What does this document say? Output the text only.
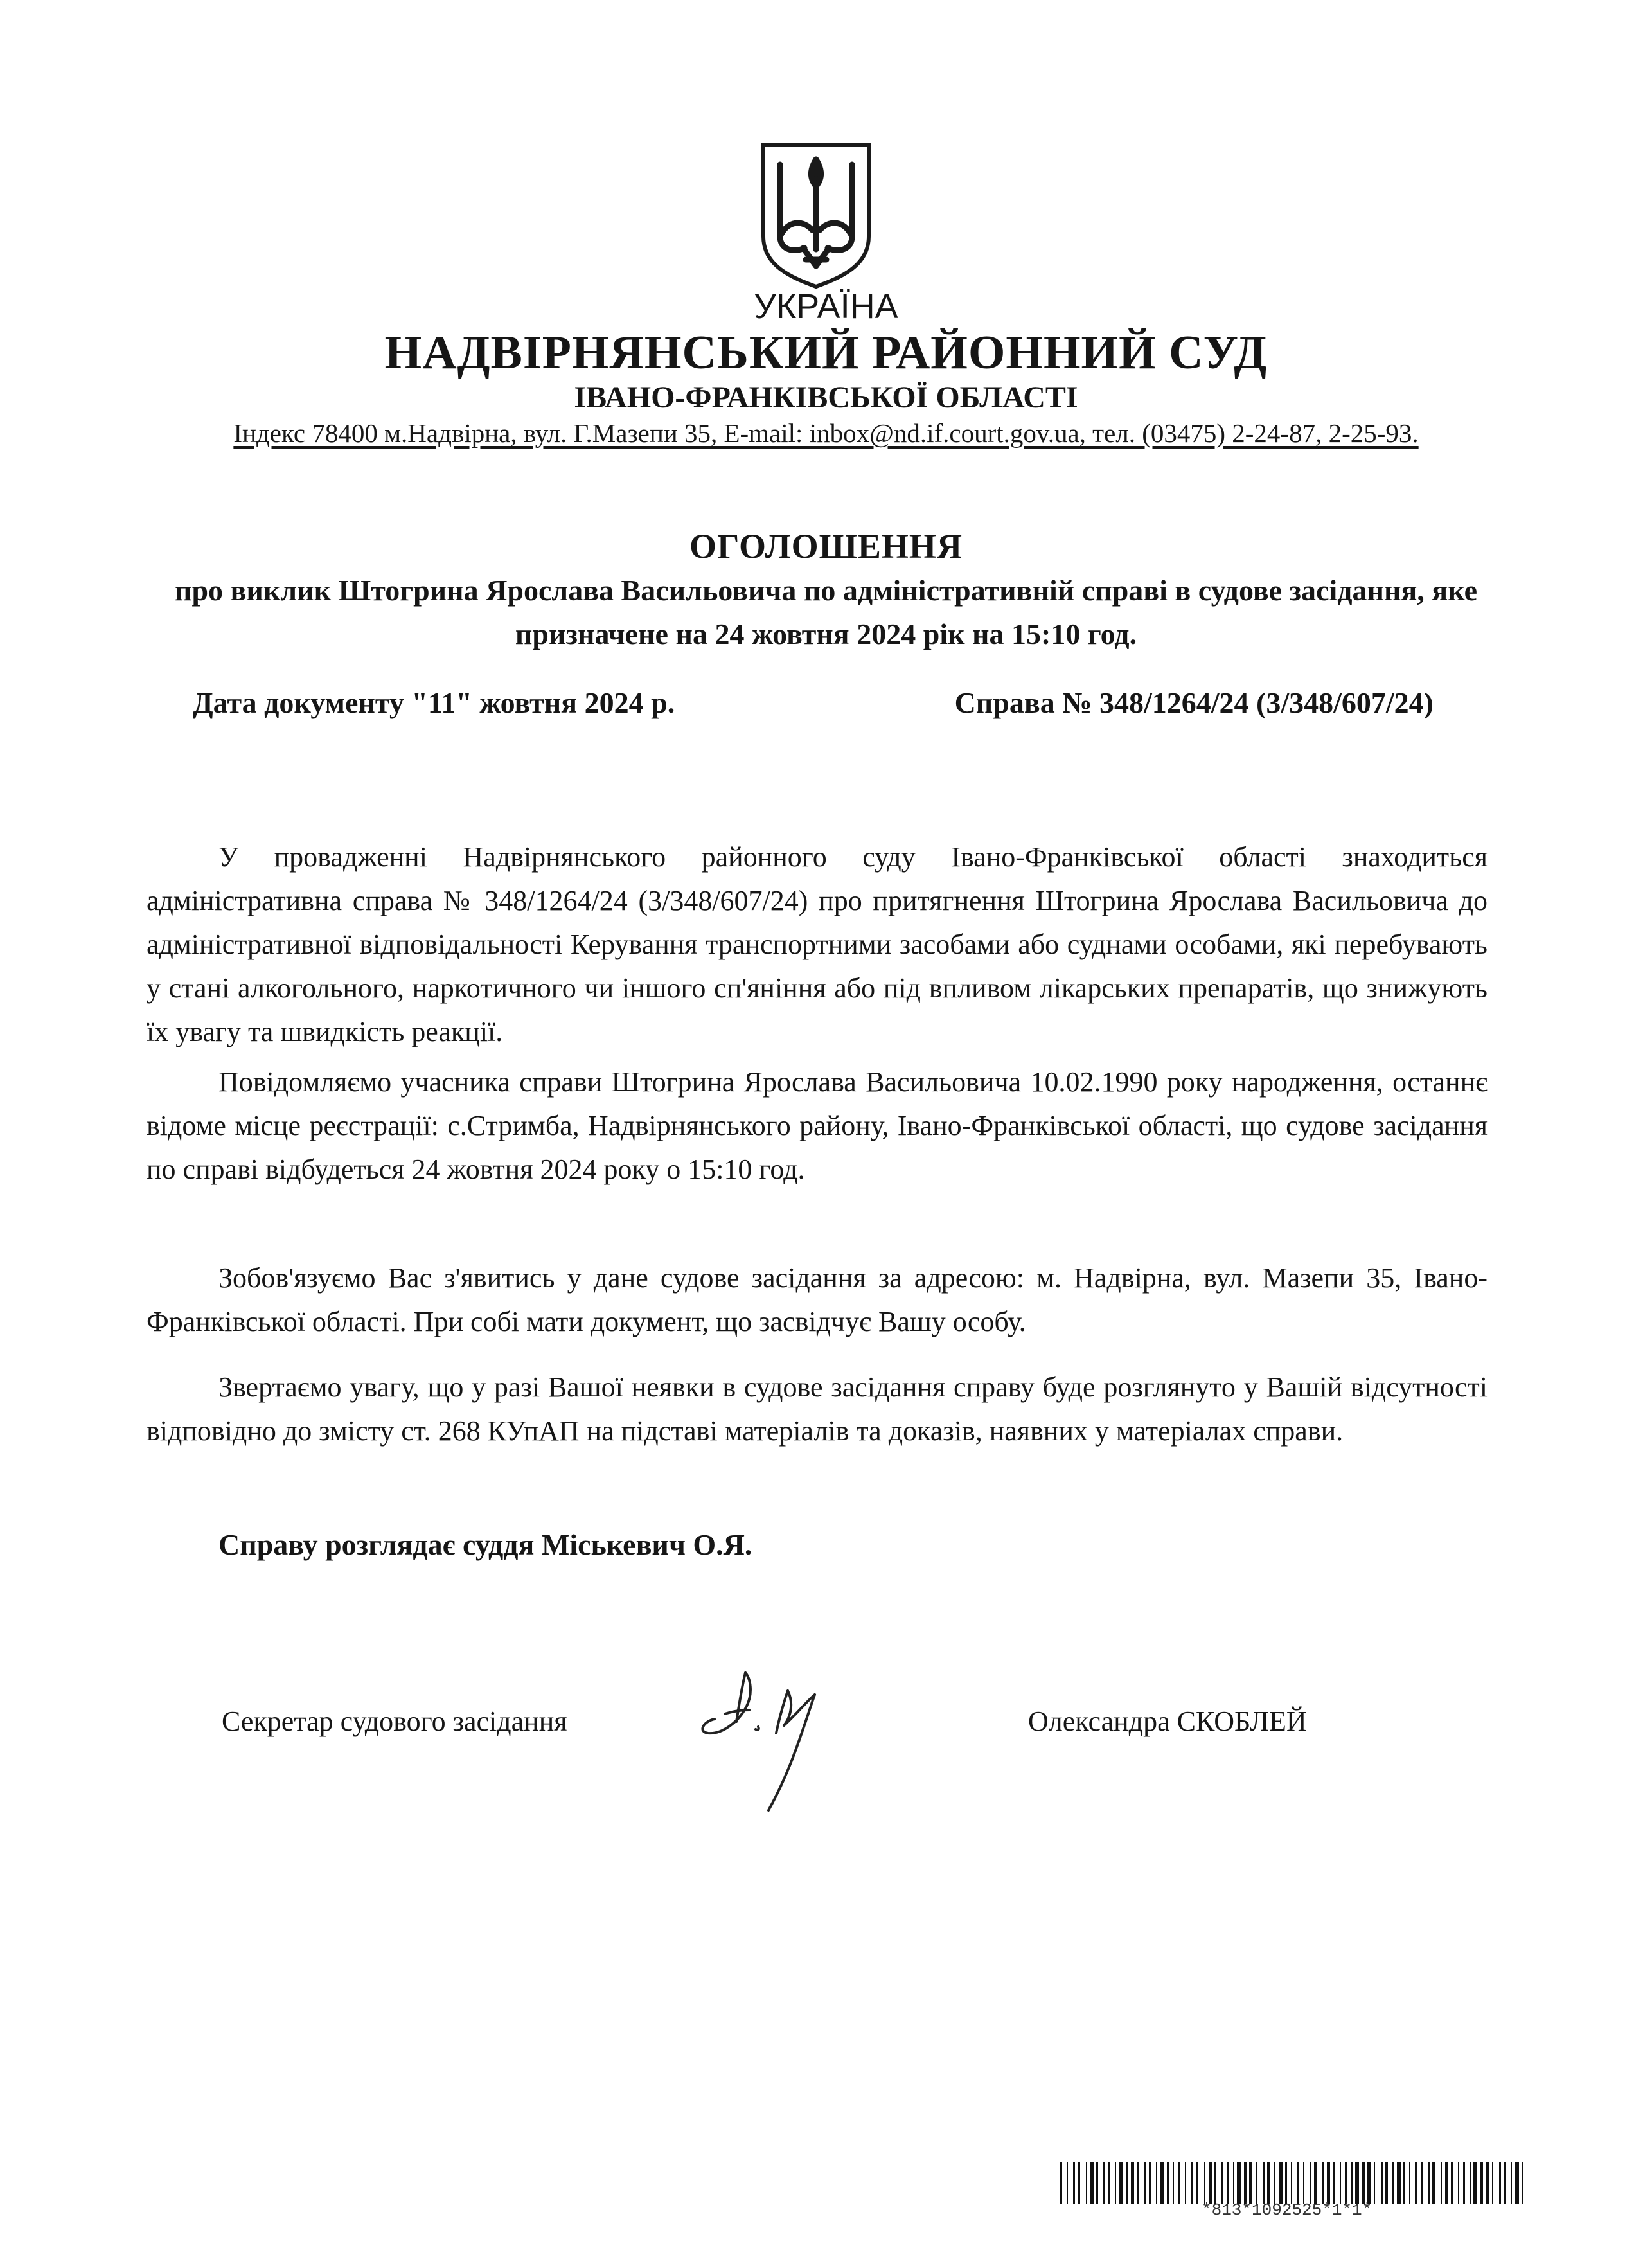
УКРАЇНА
НАДВІРНЯНСЬКИЙ РАЙОННИЙ СУД
ІВАНО-ФРАНКІВСЬКОЇ ОБЛАСТІ
Індекс 78400 м.Надвірна, вул. Г.Мазепи 35, E-mail: inbox@nd.if.court.gov.ua, тел. (03475) 2-24-87, 2-25-93.
ОГОЛОШЕННЯ
про виклик Штогрина Ярослава Васильовича по адміністративній справі в судове засідання, яке призначене на 24 жовтня 2024 рік на 15:10 год.
Дата документу "11" жовтня 2024 р.	Справа № 348/1264/24 (3/348/607/24)
У провадженні Надвірнянського районного суду Івано-Франківської області знаходиться адміністративна справа № 348/1264/24 (3/348/607/24) про притягнення Штогрина Ярослава Васильовича до адміністративної відповідальності Керування транспортними засобами або суднами особами, які перебувають у стані алкогольного, наркотичного чи іншого сп'яніння або під впливом лікарських препаратів, що знижують їх увагу та швидкість реакції.
Повідомляємо учасника справи Штогрина Ярослава Васильовича 10.02.1990 року народження, останнє відоме місце реєстрації: с.Стримба, Надвірнянського району, Івано-Франківської області, що судове засідання по справі відбудеться 24 жовтня 2024 року о 15:10 год.
Зобов'язуємо Вас з'явитись у дане судове засідання за адресою: м. Надвірна, вул. Мазепи 35, Івано-Франківської області. При собі мати документ, що засвідчує Вашу особу.
Звертаємо увагу, що у разі Вашої неявки в судове засідання справу буде розглянуто у Вашій відсутності відповідно до змісту ст. 268 КУпАП на підставі матеріалів та доказів, наявних у матеріалах справи.
Справу розглядає суддя Міськевич О.Я.
Секретар судового засідання	Олександра СКОБЛЕЙ
*813*1092525*1*1*
